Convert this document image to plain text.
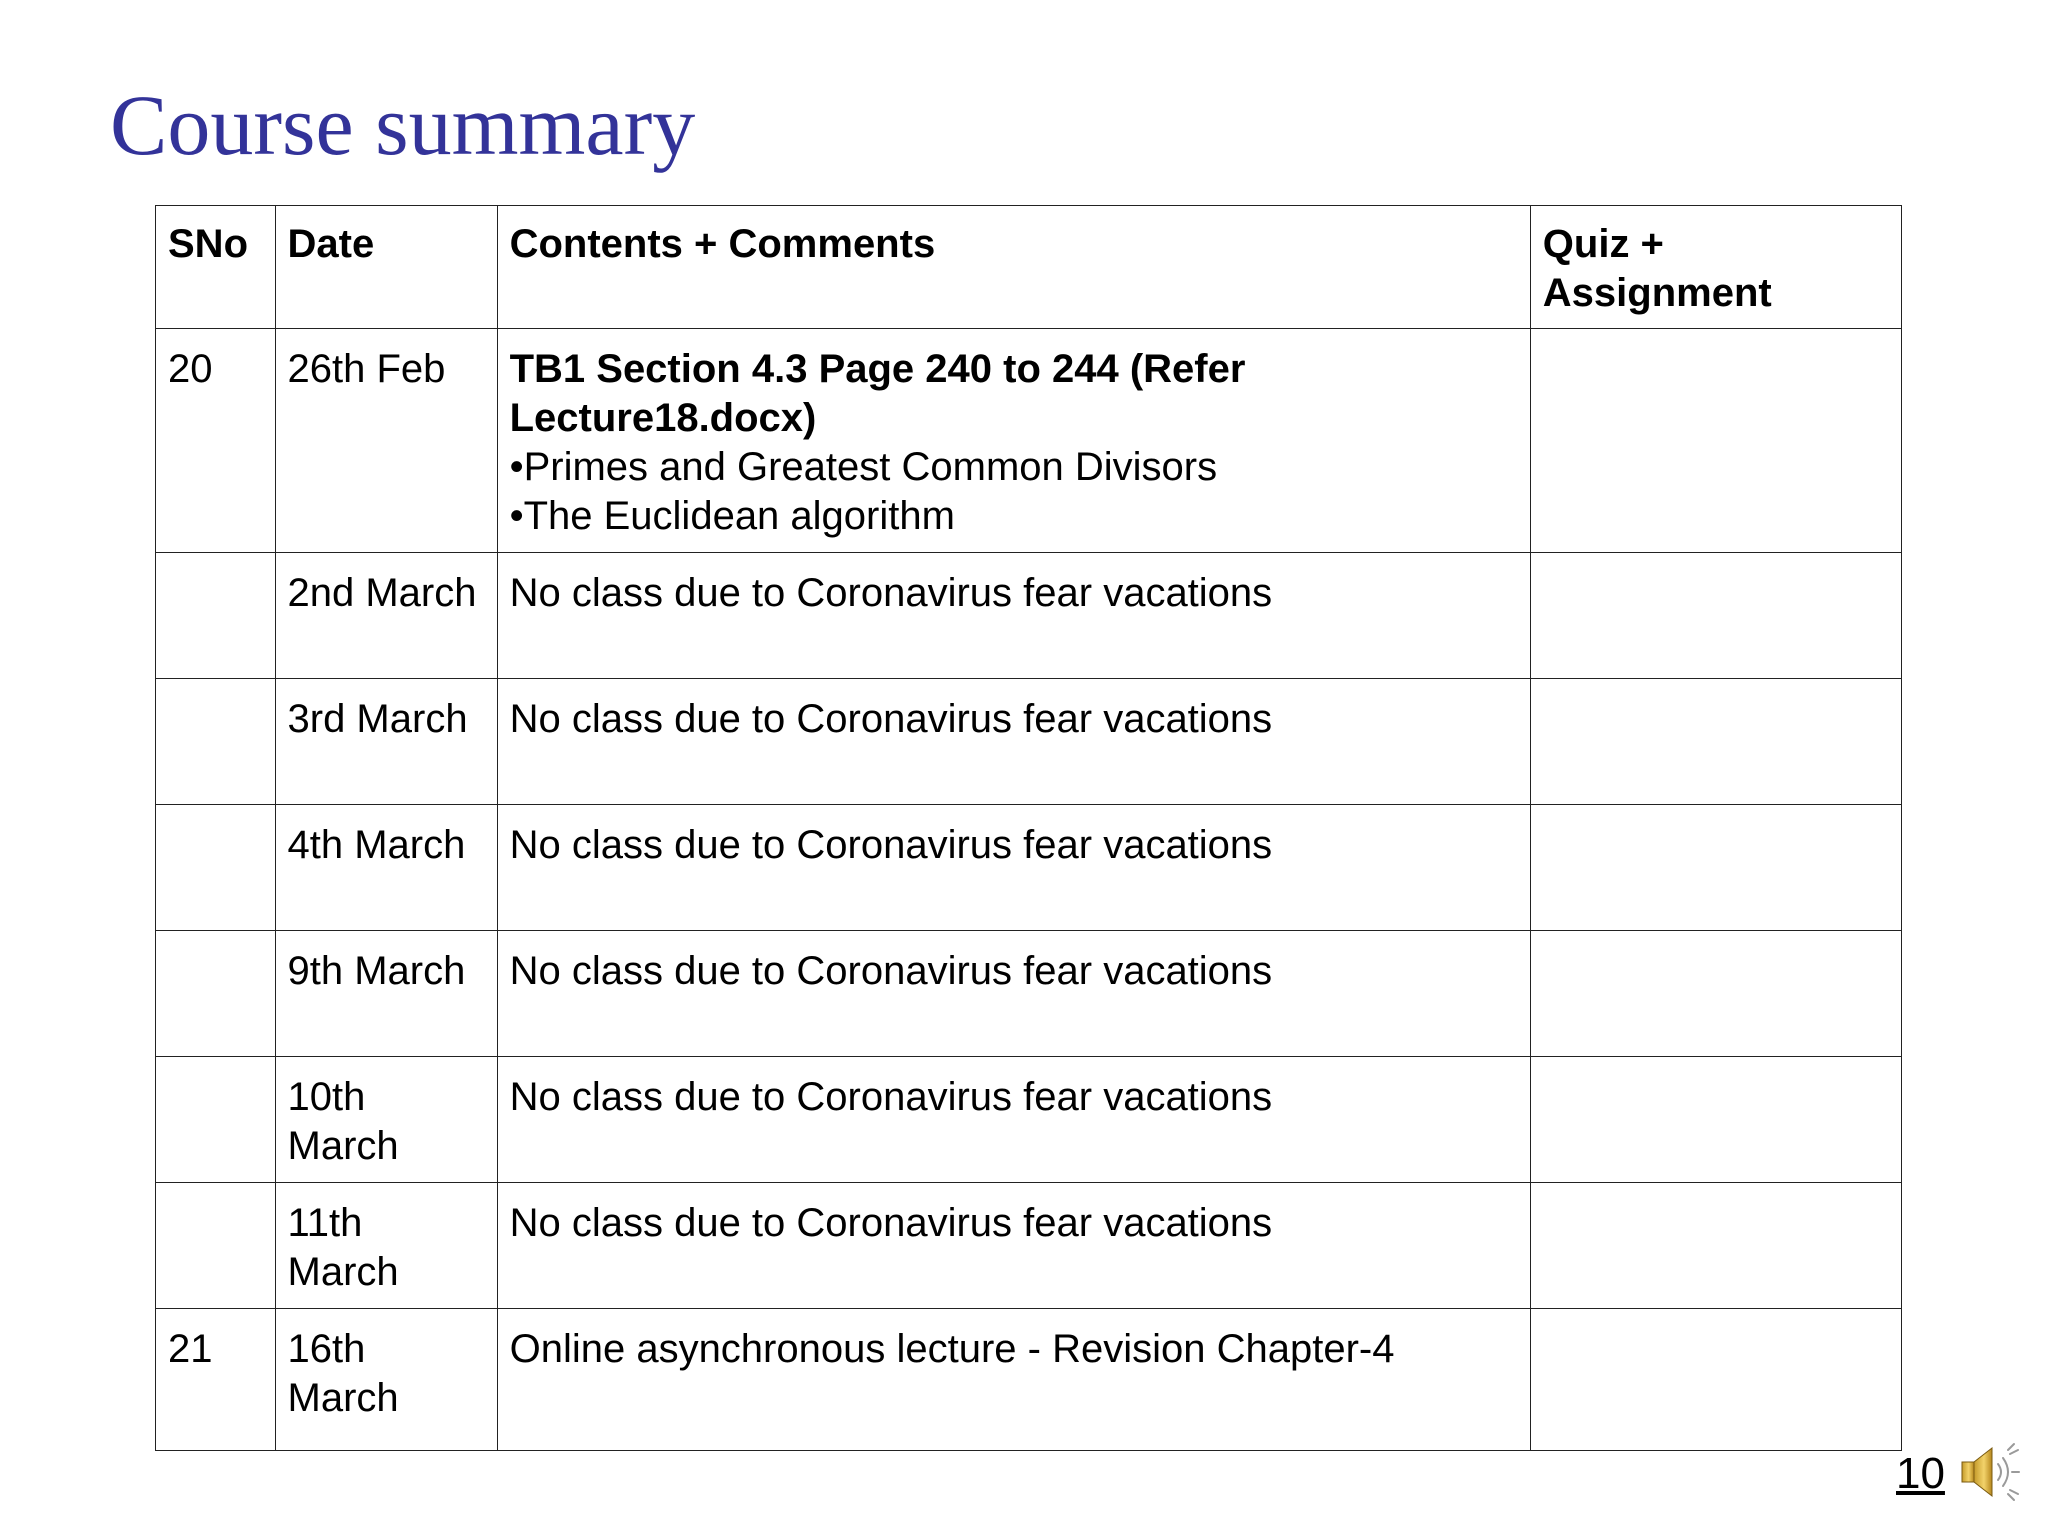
Course summary
SNo	Date	Contents + Comments	Quiz + Assignment
20	26th Feb	TB1 Section 4.3 Page 240 to 244 (Refer Lecture18.docx)
•Primes and Greatest Common Divisors
•The Euclidean algorithm	

	2nd March	No class due to Coronavirus fear vacations	
	3rd March	No class due to Coronavirus fear vacations	
	4th March	No class due to Coronavirus fear vacations	
	9th March	No class due to Coronavirus fear vacations	
	10th March	No class due to Coronavirus fear vacations	
	11th March	No class due to Coronavirus fear vacations	
21	16th March	Online asynchronous lecture - Revision Chapter-4	
10
